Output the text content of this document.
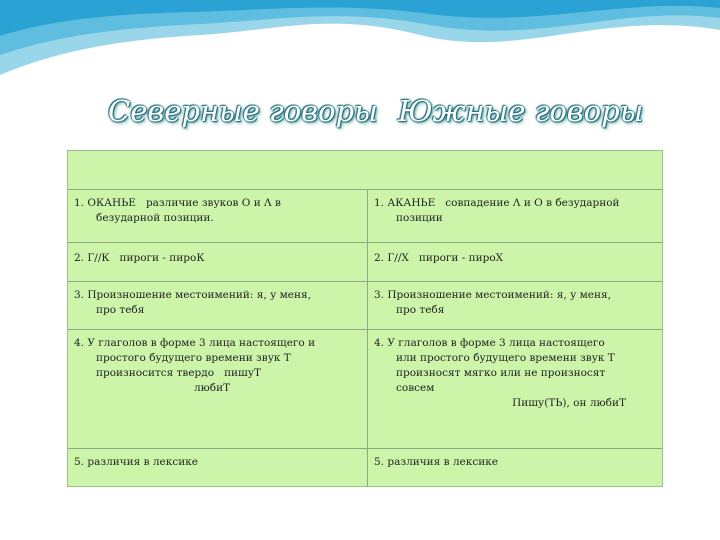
Северные говоры Южные говоры
1. ОКАНЬЕ различие звуков О и Λ в
безударной позиции.
1. АКАНЬЕ совпадение Λ и О в безударной
позиции
2. Г//К пироги - пироК	2. Г//Х пироги - пироХ
3. Произношение местоимений: я, у меня,
про тебя
3. Произношение местоимений: я, у меня,
про тебя
4. У глаголов в форме 3 лица настоящего и
простого будущего времени звук Т
произносится твердо пишуТ
любиТ
4. У глаголов в форме 3 лица настоящего
или простого будущего времени звук Т
произносят мягко или не произносят
совсем
Пишу(ТЬ), он любиТ
5. различия в лексике	5. различия в лексике
